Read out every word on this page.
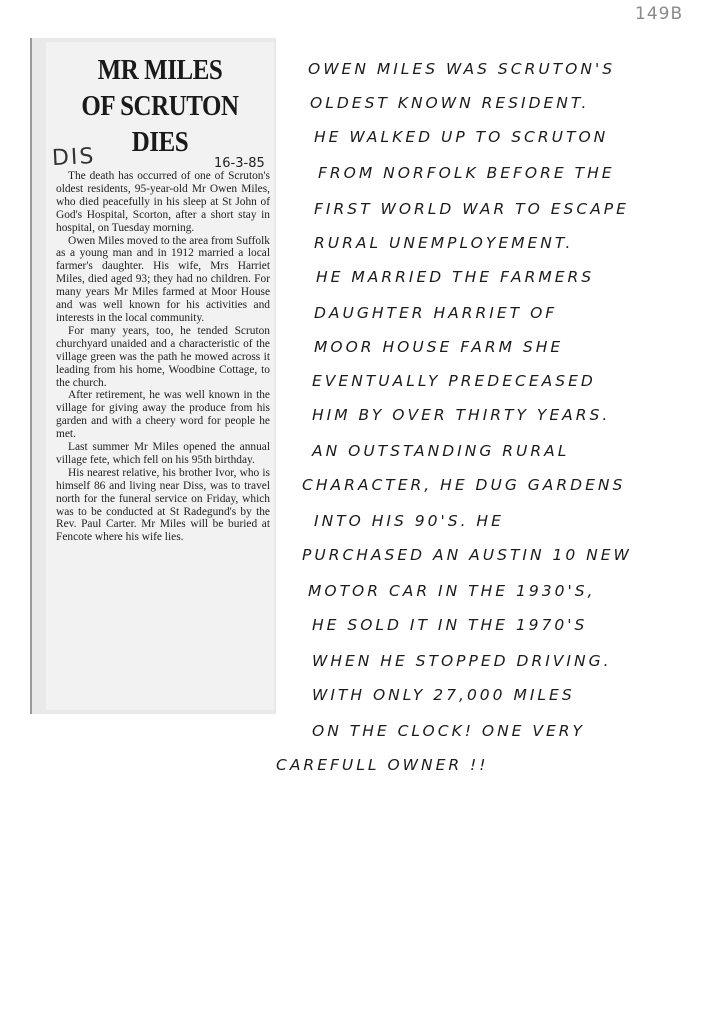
149B
MR MILES
OF SCRUTON
DIES
DIS	16-3-85

The death has occurred of one of Scruton's oldest residents, 95-year-old Mr Owen Miles, who died peacefully in his sleep at St John of God's Hospital, Scorton, after a short stay in hospital, on Tuesday morning.

Owen Miles moved to the area from Suffolk as a young man and in 1912 married a local farmer's daughter. His wife, Mrs Harriet Miles, died aged 93; they had no children. For many years Mr Miles farmed at Moor House and was well known for his activities and interests in the local community.

For many years, too, he tended Scruton churchyard unaided and a characteristic of the village green was the path he mowed across it leading from his home, Woodbine Cottage, to the church.

After retirement, he was well known in the village for giving away the produce from his garden and with a cheery word for people he met.

Last summer Mr Miles opened the annual village fete, which fell on his 95th birthday.

His nearest relative, his brother Ivor, who is himself 86 and living near Diss, was to travel north for the funeral service on Friday, which was to be conducted at St Radegund's by the Rev. Paul Carter. Mr Miles will be buried at Fencote where his wife lies.

OWEN MILES WAS SCRUTON'S
OLDEST KNOWN RESIDENT.
HE WALKED UP TO SCRUTON
FROM NORFOLK BEFORE THE
FIRST WORLD WAR TO ESCAPE
RURAL UNEMPLOYEMENT.
HE MARRIED THE FARMERS
DAUGHTER HARRIET OF
MOOR HOUSE FARM SHE
EVENTUALLY PREDECEASED
HIM BY OVER THIRTY YEARS.
AN OUTSTANDING RURAL
CHARACTER, HE DUG GARDENS
INTO HIS 90'S. HE
PURCHASED AN AUSTIN 10 NEW
MOTOR CAR IN THE 1930'S,
HE SOLD IT IN THE 1970'S
WHEN HE STOPPED DRIVING.
WITH ONLY 27,000 MILES
ON THE CLOCK! ONE VERY
CAREFULL OWNER !!
